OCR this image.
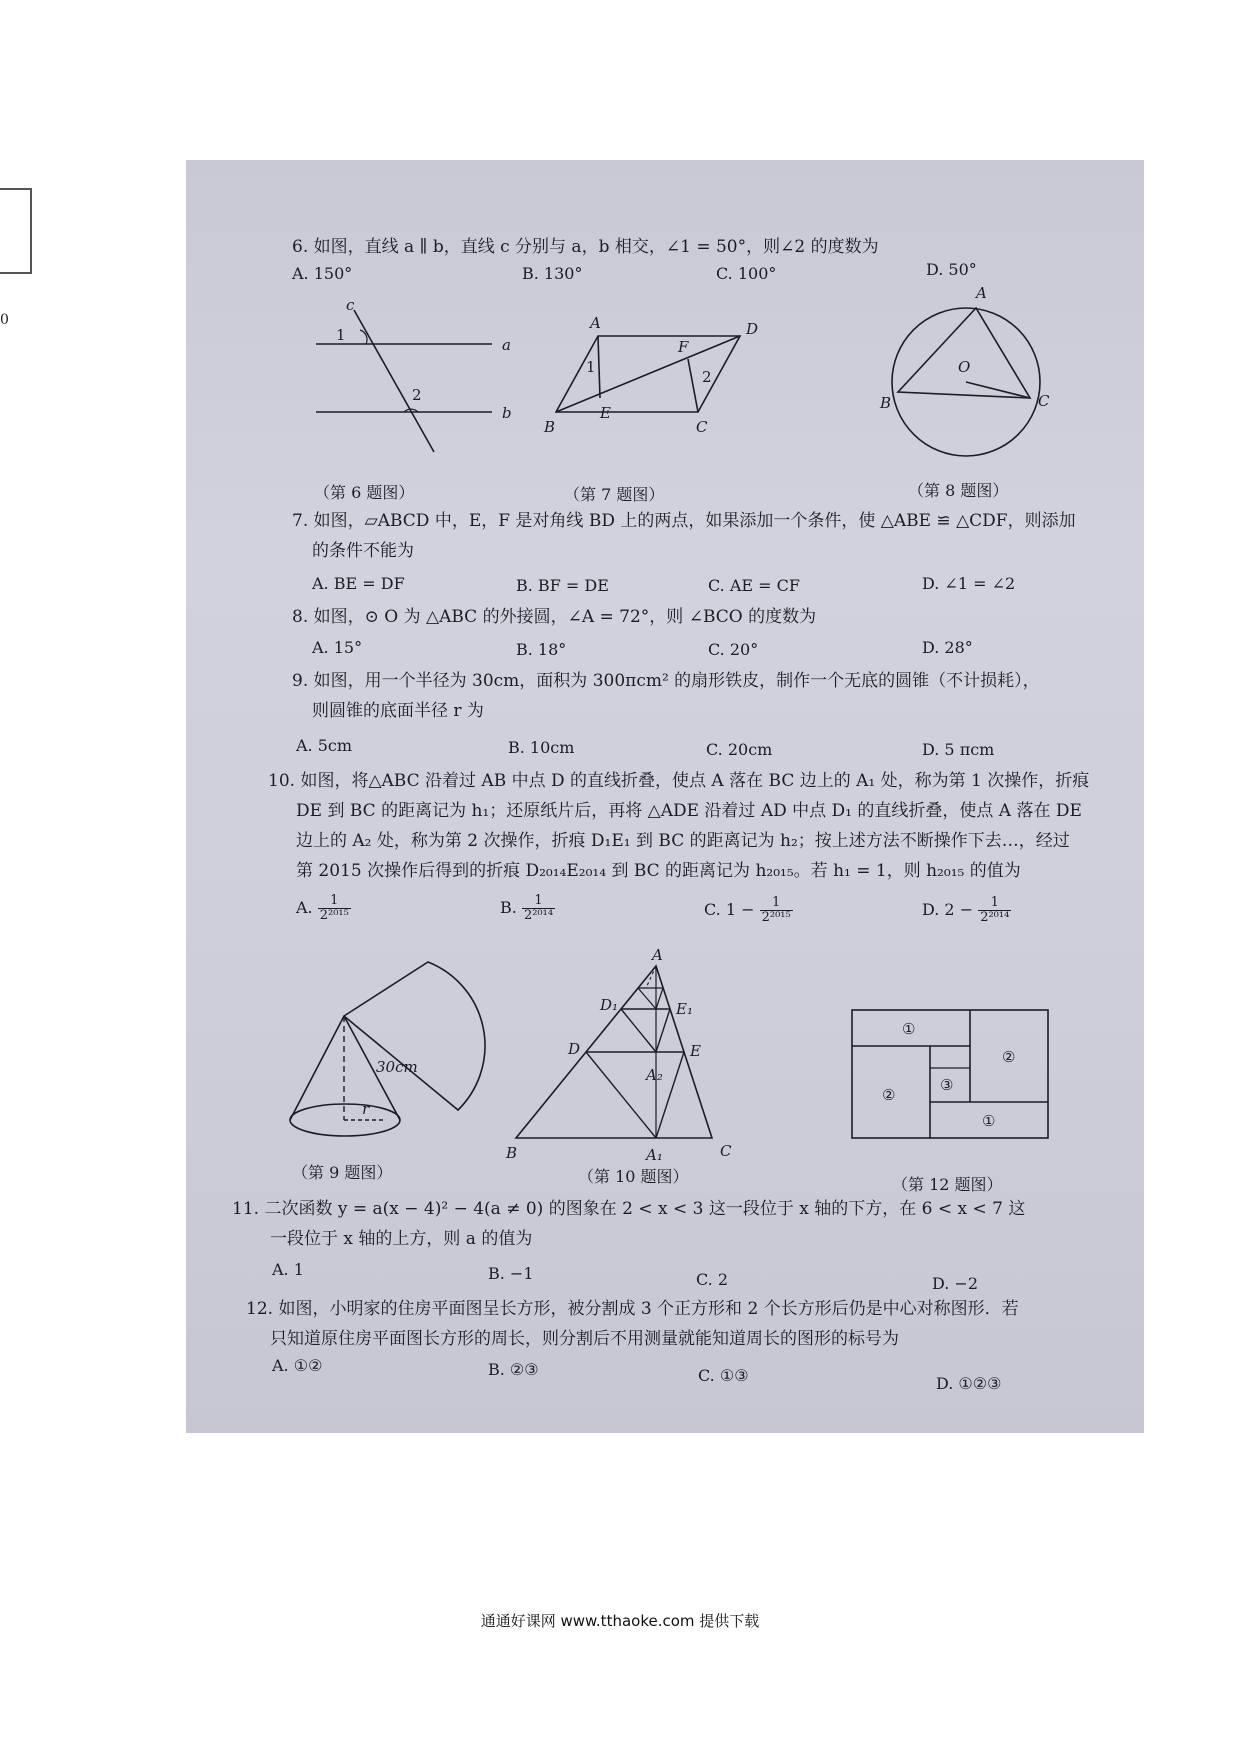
0
6. 如图，直线 a ∥ b，直线 c 分别与 a，b 相交，∠1 = 50°，则∠2 的度数为
A. 150°	B. 130°	C. 100°	D. 50°
c
a
b
1
2
（第 6 题图）
A
B	C
D
E
F
1
2
（第 7 题图）
A
B	C
O
（第 8 题图）
7. 如图，▱ABCD 中，E，F 是对角线 BD 上的两点，如果添加一个条件，使 △ABE ≌ △CDF，则添加
的条件不能为
A. BE = DF	B. BF = DE	C. AE = CF	D. ∠1 = ∠2
8. 如图，⊙ O 为 △ABC 的外接圆，∠A = 72°，则 ∠BCO 的度数为
A. 15°	B. 18°	C. 20°	D. 28°
9. 如图，用一个半径为 30cm，面积为 300πcm² 的扇形铁皮，制作一个无底的圆锥（不计损耗），
则圆锥的底面半径 r 为
A. 5cm	B. 10cm	C. 20cm	D. 5 πcm
10. 如图，将△ABC 沿着过 AB 中点 D 的直线折叠，使点 A 落在 BC 边上的 A₁ 处，称为第 1 次操作，折痕
DE 到 BC 的距离记为 h₁；还原纸片后，再将 △ADE 沿着过 AD 中点 D₁ 的直线折叠，使点 A 落在 DE
边上的 A₂ 处，称为第 2 次操作，折痕 D₁E₁ 到 BC 的距离记为 h₂；按上述方法不断操作下去…，经过
第 2015 次操作后得到的折痕 D₂₀₁₄E₂₀₁₄ 到 BC 的距离记为 h₂₀₁₅。若 h₁ = 1，则 h₂₀₁₅ 的值为
A. $\frac{1}{\text{2²⁰¹⁵}}$	B. $\frac{1}{\text{2²⁰¹⁴}}$	C. $1 - \frac{1}{\text{2²⁰¹⁵}}$	D. $2 - \frac{1}{\text{2²⁰¹⁴}}$
30cm
r
（第 9 题图）
A
B	C
D	E
D₁	E₁
A₂
A₁
（第 10 题图）
①
②
②
③
①
（第 12 题图）
11. 二次函数 y = a(x − 4)² − 4(a ≠ 0) 的图象在 2 < x < 3 这一段位于 x 轴的下方，在 6 < x < 7 这
一段位于 x 轴的上方，则 a 的值为
A. 1	B. −1	C. 2	D. −2
12. 如图，小明家的住房平面图呈长方形，被分割成 3 个正方形和 2 个长方形后仍是中心对称图形．若
只知道原住房平面图长方形的周长，则分割后不用测量就能知道周长的图形的标号为
A. ①②	B. ②③	C. ①③	D. ①②③
通通好课网 www.tthaoke.com 提供下载
